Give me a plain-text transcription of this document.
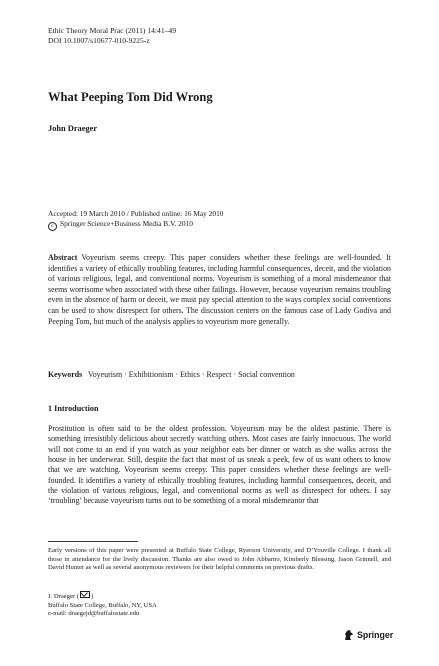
Ethic Theory Moral Prac (2011) 14:41–49
DOI 10.1007/s10677-010-9225-z
What Peeping Tom Did Wrong
John Draeger
Accepted: 19 March 2010 / Published online: 16 May 2010
c Springer Science+Business Media B.V. 2010
Abstract Voyeurism seems creepy. This paper considers whether these feelings are well-founded. It identifies a variety of ethically troubling features, including harmful consequences, deceit, and the violation of various religious, legal, and conventional norms. Voyeurism is something of a moral misdemeanor that seems worrisome when associated with these other failings. However, because voyeurism remains troubling even in the absence of harm or deceit, we must pay special attention to the ways complex social conventions can be used to show disrespect for others. The discussion centers on the famous case of Lady Godiva and Peeping Tom, but much of the analysis applies to voyeurism more generally.
Keywords Voyeurism · Exhibitionism · Ethics · Respect · Social convention
1 Introduction
Prostitution is often said to be the oldest profession. Voyeurism may be the oldest pastime. There is something irresistibly delicious about secretly watching others. Most cases are fairly innocuous. The world will not come to an end if you watch as your neighbor eats her dinner or watch as she walks across the house in her underwear. Still, despite the fact that most of us sneak a peek, few of us want others to know that we are watching. Voyeurism seems creepy. This paper considers whether these feelings are well-founded. It identifies a variety of ethically troubling features, including harmful consequences, deceit, and the violation of various religious, legal, and conventional norms as well as disrespect for others. I say ‘troubling’ because voyeurism turns out to be something of a moral misdemeanor that
Early versions of this paper were presented at Buffalo State College, Ryerson University, and D’Youville College. I thank all those in attendance for the lively discussion. Thanks are also owed to John Abbarno, Kimberly Blessing, Jason Grinnell, and David Hunter as well as several anonymous reviewers for their helpful comments on previous drafts.
J. Draeger ( )
Buffalo State College, Buffalo, NY, USA
e-mail: draegejd@buffalostate.edu
Springer
